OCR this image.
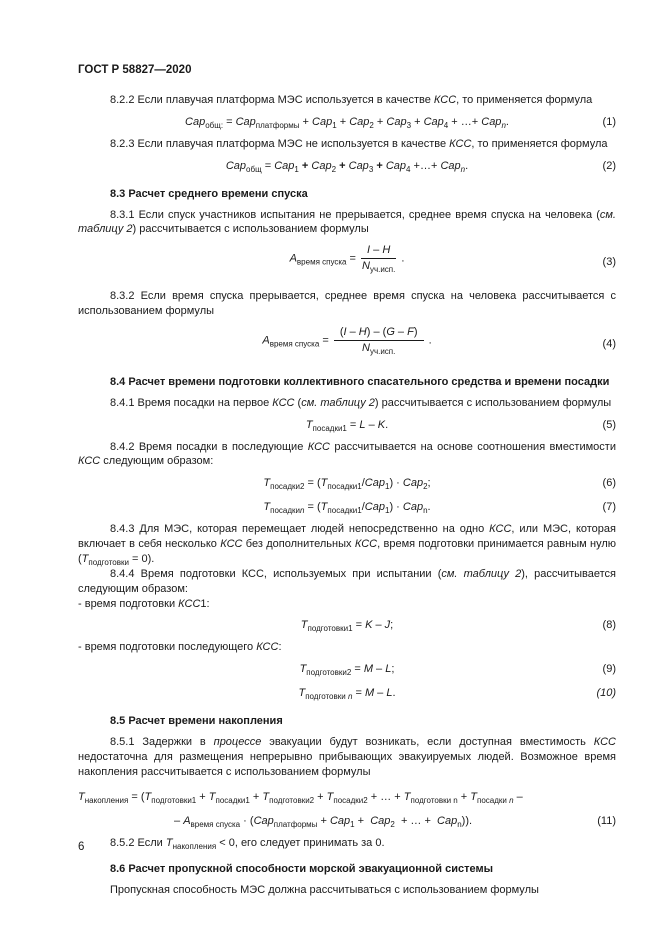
ГОСТ Р 58827—2020

8.2.2 Если плавучая платформа МЭС используется в качестве КСС, то применяется формула

Cap$_{общ:}$ = Cap$_{платформы}$ + Cap$_1$ + Cap$_2$ + Cap$_3$ + Cap$_4$ + …+ Cap$_n$.	(1)

8.2.3 Если плавучая платформа МЭС не используется в качестве КСС, то применяется формула

Cap$_{общ}$ = Cap$_1$ + Cap$_2$ + Cap$_3$ + Cap$_4$ +…+ Cap$_n$.	(2)

8.3 Расчет среднего времени спуска

8.3.1 Если спуск участников испытания не прерывается, среднее время спуска на человека (см. таблицу 2) рассчитывается с использованием формулы

$A_{время спуска} = \frac{I - H}{N_{уч.исп.}}$ .	(3)

8.3.2 Если время спуска прерывается, среднее время спуска на человека рассчитывается с использованием формулы

$A_{время спуска} = \frac{(I - H) - (G - F)}{N_{уч.исп.}}$ .	(4)

8.4 Расчет времени подготовки коллективного спасательного средства и времени посадки

8.4.1 Время посадки на первое КСС (см. таблицу 2) рассчитывается с использованием формулы

$T_{посадки1} = L - K$.	(5)

8.4.2 Время посадки в последующие КСС рассчитывается на основе соотношения вместимости КСС следующим образом:

$T_{посадки2} = (T_{посадки1}/Cap_1) \cdot Cap_2$;	(6)
$T_{посадкиn} = (T_{посадки1}/Cap_1) \cdot Cap_n$.	(7)

8.4.3 Для МЭС, которая перемещает людей непосредственно на одно КСС, или МЭС, которая включает в себя несколько КСС без дополнительных КСС, время подготовки принимается равным нулю $(T_{подготовки} = 0)$.

8.4.4 Время подготовки КСС, используемых при испытании (см. таблицу 2), рассчитывается следующим образом:

- время подготовки КСС1:

$T_{подготовки1} = K - J$;	(8)

- время подготовки последующего КСС:

$T_{подготовки2} = M - L$;	(9)
$T_{подготовки n} = M - L$.	(10)

8.5 Расчет времени накопления

8.5.1 Задержки в процессе эвакуации будут возникать, если доступная вместимость КСС недостаточна для размещения непрерывно прибывающих эвакуируемых людей. Возможное время накопления рассчитывается с использованием формулы

$T_{накопления} = (T_{подготовки1} + T_{посадки1} + T_{подготовки2} + T_{посадки2}$ + … + $T_{подготовки n} + T_{посадки n}$ –
– $A_{время спуска} \cdot (Cap_{платформы} + Cap_1 + Cap_2$  + … +  Cap$_n$)).	(11)

8.5.2 Если $T_{накопления} < 0$, его следует принимать за 0.

8.6 Расчет пропускной способности морской эвакуационной системы

Пропускная способность МЭС должна рассчитываться с использованием формулы

6
